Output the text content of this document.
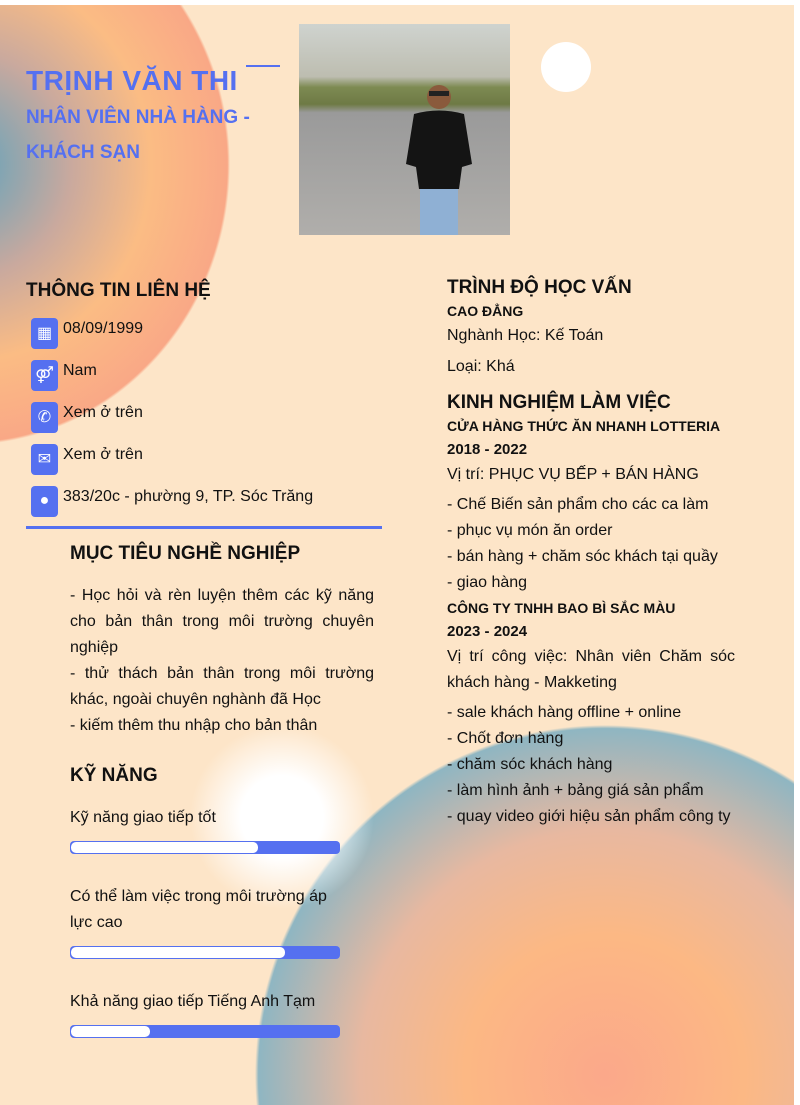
TRỊNH VĂN THI
NHÂN VIÊN NHÀ HÀNG - KHÁCH SẠN
THÔNG TIN LIÊN HỆ
▦ 08/09/1999
⚤ Nam
✆ Xem ở trên
✉ Xem ở trên
● 383/20c - phường 9, TP. Sóc Trăng
MỤC TIÊU NGHỀ NGHIỆP

- Học hỏi và rèn luyện thêm các kỹ năng cho bản thân trong môi trường chuyên nghiệp

- thử thách bản thân trong môi trường khác, ngoài chuyên nghành đã Học

- kiếm thêm thu nhập cho bản thân

KỸ NĂNG
Kỹ năng giao tiếp tốt
Có thể làm việc trong môi trường áp lực cao
Khả năng giao tiếp Tiếng Anh Tạm
TRÌNH ĐỘ HỌC VẤN
CAO ĐẲNG
Nghành Học: Kế Toán
Loại: Khá
KINH NGHIỆM LÀM VIỆC
CỬA HÀNG THỨC ĂN NHANH LOTTERIA
2018 - 2022
Vị trí: PHỤC VỤ BẾP + BÁN HÀNG
- Chế Biến sản phẩm cho các ca làm
- phục vụ món ăn order
- bán hàng + chăm sóc khách tại quầy
- giao hàng
CÔNG TY TNHH BAO BÌ SẮC MÀU
2023 - 2024
Vị trí công việc: Nhân viên Chăm sóc khách hàng - Makketing
- sale khách hàng offline + online
- Chốt đơn hàng
- chăm sóc khách hàng
- làm hình ảnh + bảng giá sản phẩm
- quay video giới hiệu sản phẩm công ty
